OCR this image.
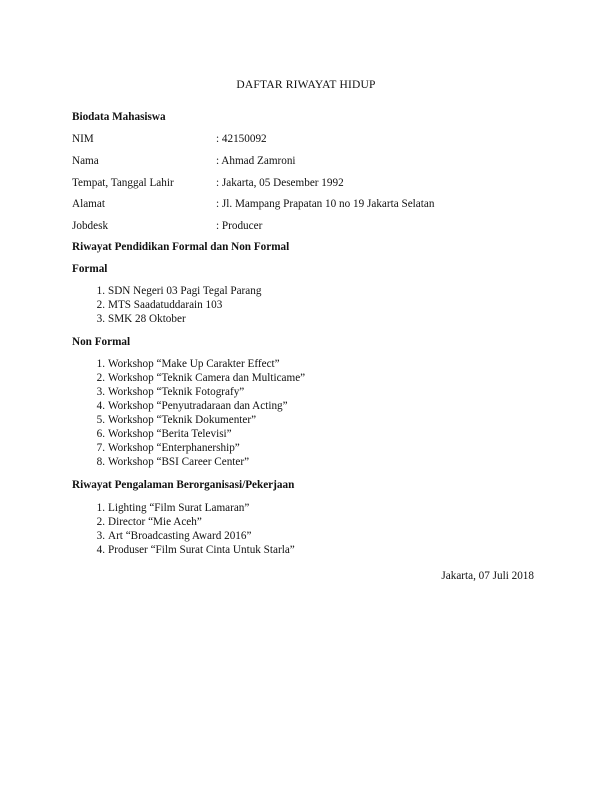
DAFTAR RIWAYAT HIDUP
Biodata Mahasiswa
NIM	: 42150092
Nama	: Ahmad Zamroni
Tempat, Tanggal Lahir	: Jakarta, 05 Desember 1992
Alamat	: Jl. Mampang Prapatan 10 no 19 Jakarta Selatan
Jobdesk	: Producer
Riwayat Pendidikan Formal dan Non Formal
Formal
1. SDN Negeri 03 Pagi Tegal Parang
2. MTS Saadatuddarain 103
3. SMK 28 Oktober
Non Formal
1. Workshop “Make Up Carakter Effect”
2. Workshop “Teknik Camera dan Multicame”
3. Workshop “Teknik Fotografy”
4. Workshop “Penyutradaraan dan Acting”
5. Workshop “Teknik Dokumenter”
6. Workshop “Berita Televisi”
7. Workshop “Enterphanership”
8. Workshop “BSI Career Center”
Riwayat Pengalaman Berorganisasi/Pekerjaan
1. Lighting “Film Surat Lamaran”
2. Director “Mie Aceh”
3. Art “Broadcasting Award 2016”
4. Produser “Film Surat Cinta Untuk Starla”
Jakarta, 07 Juli 2018
